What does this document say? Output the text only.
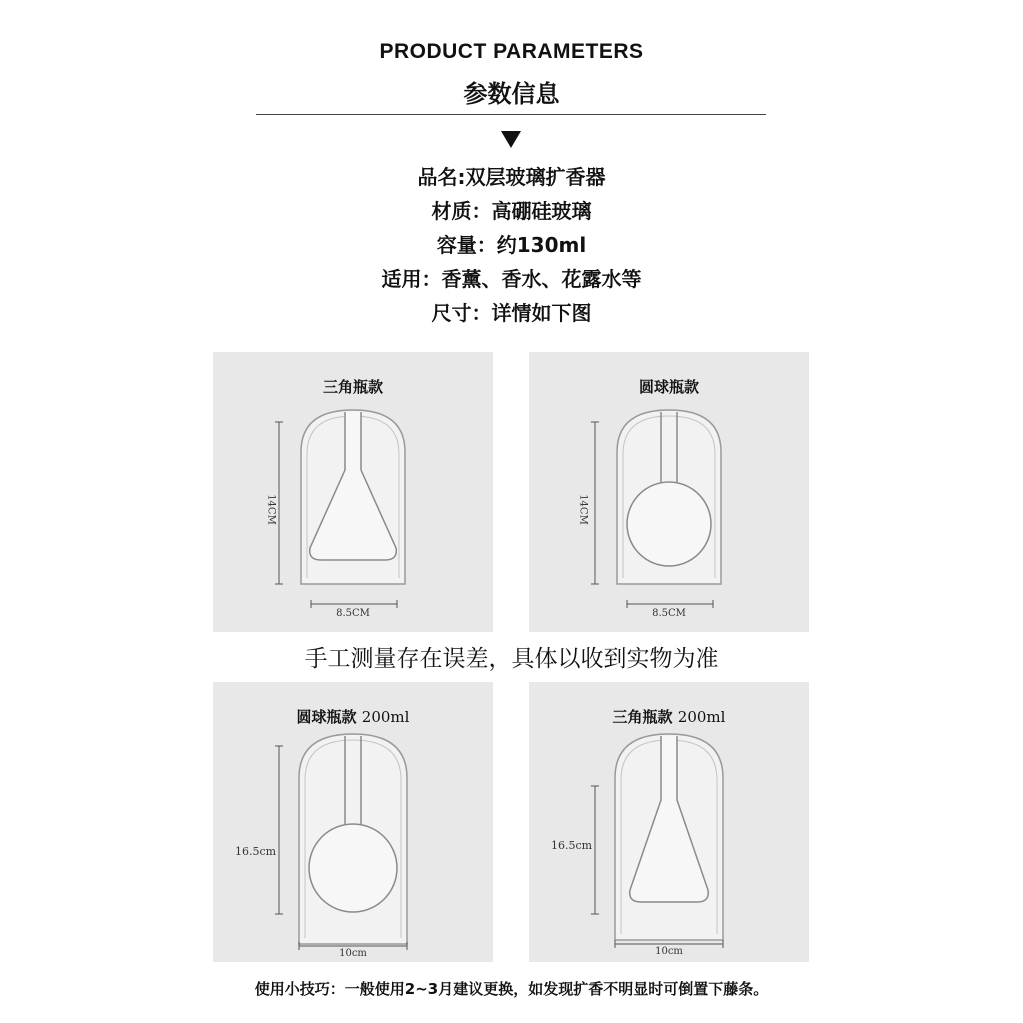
PRODUCT PARAMETERS
参数信息
品名:双层玻璃扩香器
材质：高硼硅玻璃
容量：约130ml
适用：香薰、香水、花露水等
尺寸：详情如下图
三角瓶款
14CM
8.5CM
圆球瓶款
14CM
8.5CM
手工测量存在误差，具体以收到实物为准
圆球瓶款 200ml
16.5cm
10cm
三角瓶款 200ml
16.5cm
10cm
使用小技巧：一般使用2~3月建议更换，如发现扩香不明显时可倒置下藤条。
